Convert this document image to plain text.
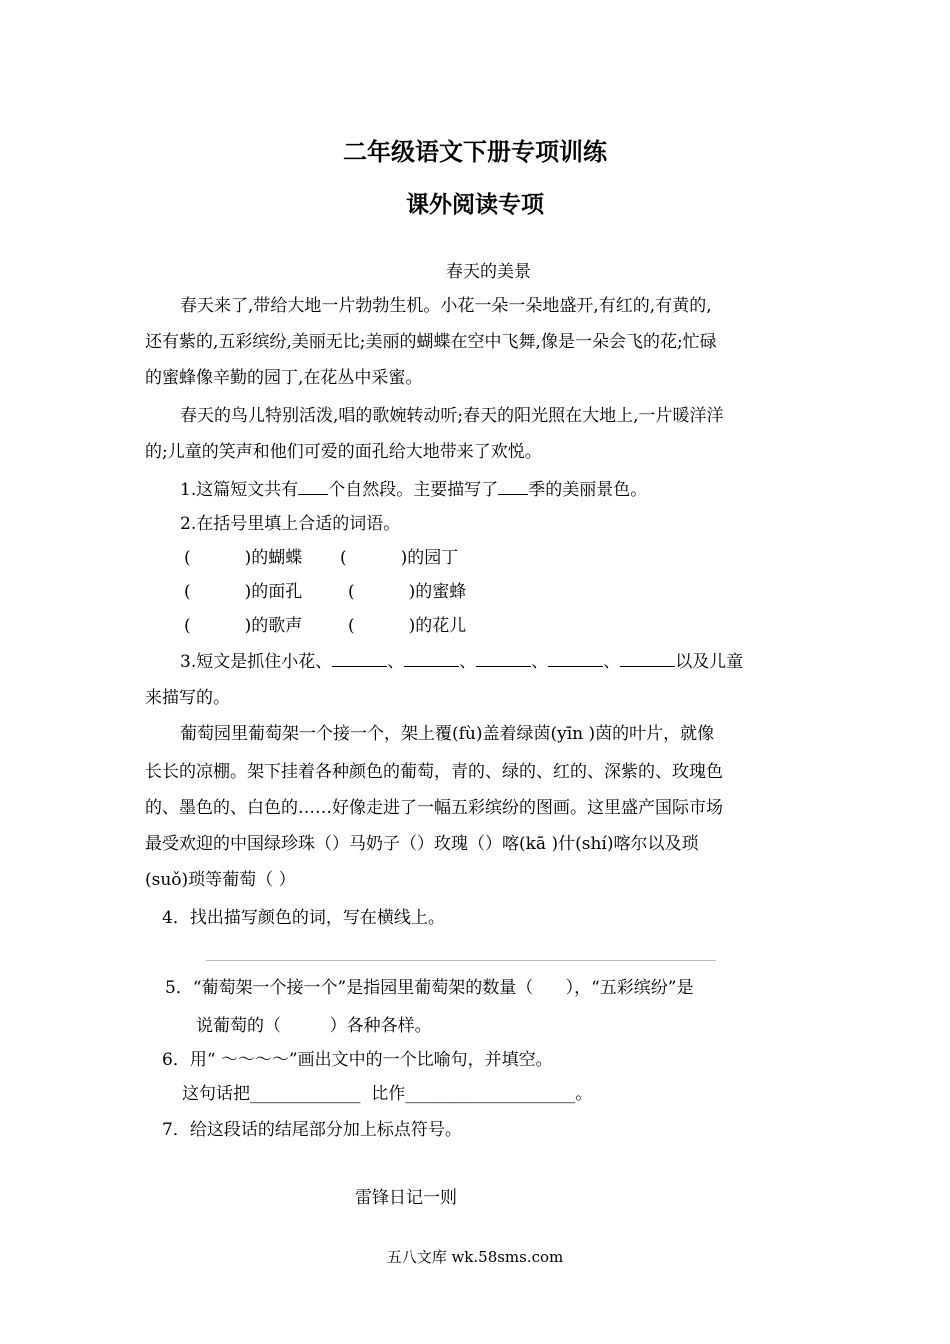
二年级语文下册专项训练
课外阅读专项
春天的美景
春天来了,带给大地一片勃勃生机。小花一朵一朵地盛开,有红的,有黄的,
还有紫的,五彩缤纷,美丽无比;美丽的蝴蝶在空中飞舞,像是一朵会飞的花;忙碌
的蜜蜂像辛勤的园丁,在花丛中采蜜。
春天的鸟儿特别活泼,唱的歌婉转动听;春天的阳光照在大地上,一片暖洋洋
的;儿童的笑声和他们可爱的面孔给大地带来了欢悦。
1.这篇短文共有 个自然段。主要描写了 季的美丽景色。
2.在括号里填上合适的词语。
(          )的蝴蝶 (          )的园丁
(          )的面孔	(          )的蜜蜂
(          )的歌声	(          )的花儿
3.短文是抓住小花、	、	、	、	、	以及儿童
来描写的。
葡萄园里葡萄架一个接一个，架上覆(fù)盖着绿茵(yīn )茵的叶片，就像
长长的凉棚。架下挂着各种颜色的葡萄，青的、绿的、红的、深紫的、玫瑰色
的、墨色的、白色的……好像走进了一幅五彩缤纷的图画。这里盛产国际市场
最受欢迎的中国绿珍珠（）马奶子（）玫瑰（）喀(kā )什(shí)喀尔以及琐
(suǒ)琐等葡萄（ ）
4．找出描写颜色的词，写在横线上。
5．“葡萄架一个接一个”是指园里葡萄架的数量（      ），“五彩缤纷”是
说葡萄的（         ）各种各样。
6．用“ ～～～～”画出文中的一个比喻句，并填空。
这句话把_____________  比作____________________。
7．给这段话的结尾部分加上标点符号。
雷锋日记一则
五八文库 wk.58sms.com
